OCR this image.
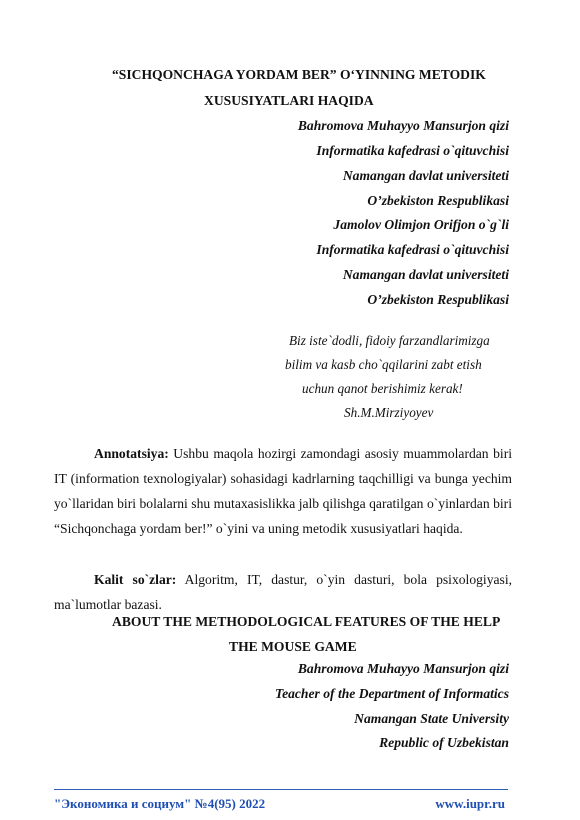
“SICHQONCHAGA YORDAM BER” O‘YINNING METODIK
XUSUSIYATLARI HAQIDA
Bahromova Muhayyo Mansurjon qizi
Informatika kafedrasi o`qituvchisi
Namangan davlat universiteti
O’zbekiston Respublikasi
Jamolov Olimjon Orifjon o`g`li
Informatika kafedrasi o`qituvchisi
Namangan davlat universiteti
O’zbekiston Respublikasi
Biz iste`dodli, fidoiy farzandlarimizga
bilim va kasb cho`qqilarini zabt etish
uchun qanot berishimiz kerak!
Sh.M.Mirziyoyev
Annotatsiya: Ushbu maqola hozirgi zamondagi asosiy muammolardan biri IT (information texnologiyalar) sohasidagi kadrlarning taqchilligi va bunga yechim yo`llaridan biri bolalarni shu mutaxasislikka jalb qilishga qaratilgan o`yinlardan biri “Sichqonchaga yordam ber!” o`yini va uning metodik xususiyatlari haqida.
Kalit so`zlar: Algoritm, IT, dastur, o`yin dasturi, bola psixologiyasi, ma`lumotlar bazasi.
ABOUT THE METHODOLOGICAL FEATURES OF THE HELP
THE MOUSE GAME
Bahromova Muhayyo Mansurjon qizi
Teacher of the Department of Informatics
Namangan State University
Republic of Uzbekistan
"Экономика и социум" №4(95) 2022	www.iupr.ru
